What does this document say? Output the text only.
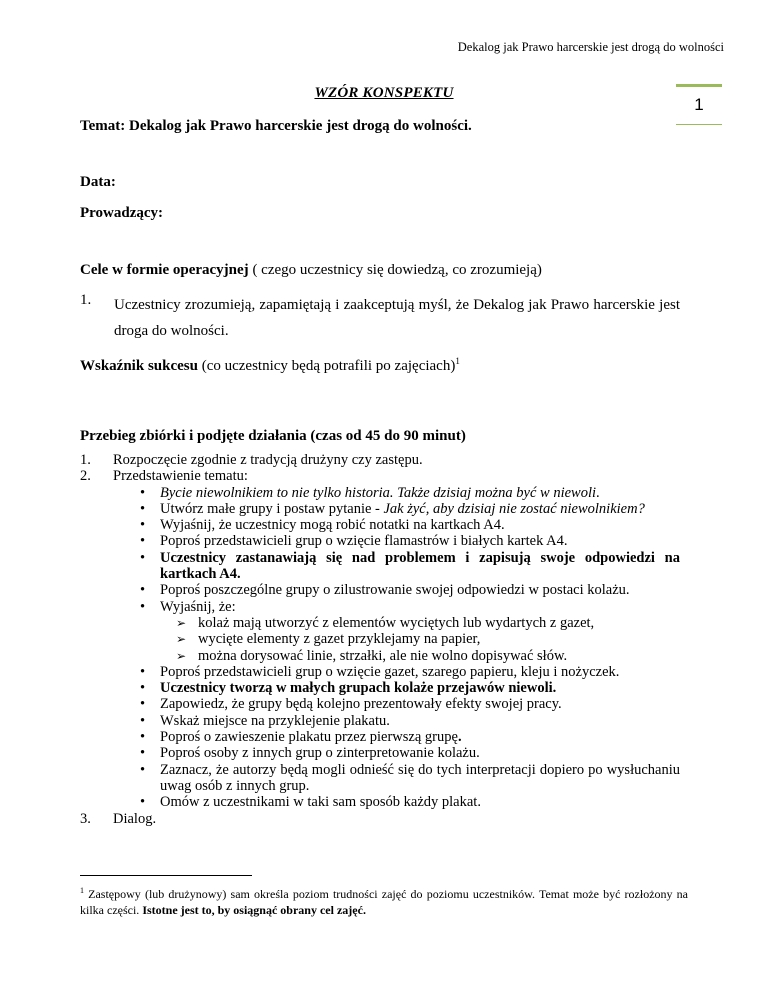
Dekalog jak Prawo harcerskie jest drogą do wolności
1
WZÓR KONSPEKTU
Temat: Dekalog jak Prawo harcerskie jest drogą do wolności.
Data:
Prowadzący:
Cele w formie operacyjnej ( czego uczestnicy się dowiedzą, co zrozumieją)
1. Uczestnicy zrozumieją, zapamiętają i zaakceptują myśl, że Dekalog jak Prawo harcerskie jest droga do wolności.
Wskaźnik sukcesu (co uczestnicy będą potrafili po zajęciach)$^1$
Przebieg zbiórki i podjęte działania (czas od 45 do 90 minut)
1. Rozpoczęcie zgodnie z tradycją drużyny czy zastępu.
2. Przedstawienie tematu:
• Bycie niewolnikiem to nie tylko historia. Także dzisiaj można być w niewoli.
• Utwórz małe grupy i postaw pytanie - Jak żyć, aby dzisiaj nie zostać niewolnikiem?
• Wyjaśnij, że uczestnicy mogą robić notatki na kartkach A4.
• Poproś przedstawicieli grup o wzięcie flamastrów i białych kartek A4.
• Uczestnicy zastanawiają się nad problemem i zapisują swoje odpowiedzi na kartkach A4.
• Poproś poszczególne grupy o zilustrowanie swojej odpowiedzi w postaci kolażu.
• Wyjaśnij, że:
➢ kolaż mają utworzyć z elementów wyciętych lub wydartych z gazet,
➢ wycięte elementy z gazet przyklejamy na papier,
➢ można dorysować linie, strzałki, ale nie wolno dopisywać słów.
• Poproś przedstawicieli grup o wzięcie gazet, szarego papieru, kleju i nożyczek.
• Uczestnicy tworzą w małych grupach kolaże przejawów niewoli.
• Zapowiedz, że grupy będą kolejno prezentowały efekty swojej pracy.
• Wskaż miejsce na przyklejenie plakatu.
• Poproś o zawieszenie plakatu przez pierwszą grupę.
• Poproś osoby z innych grup o zinterpretowanie kolażu.
• Zaznacz, że autorzy będą mogli odnieść się do tych interpretacji dopiero po wysłuchaniu uwag osób z innych grup.
• Omów z uczestnikami w taki sam sposób każdy plakat.
3. Dialog.
$^1$ Zastępowy (lub drużynowy) sam określa poziom trudności zajęć do poziomu uczestników. Temat może być rozłożony na kilka części. Istotne jest to, by osiągnąć obrany cel zajęć.
